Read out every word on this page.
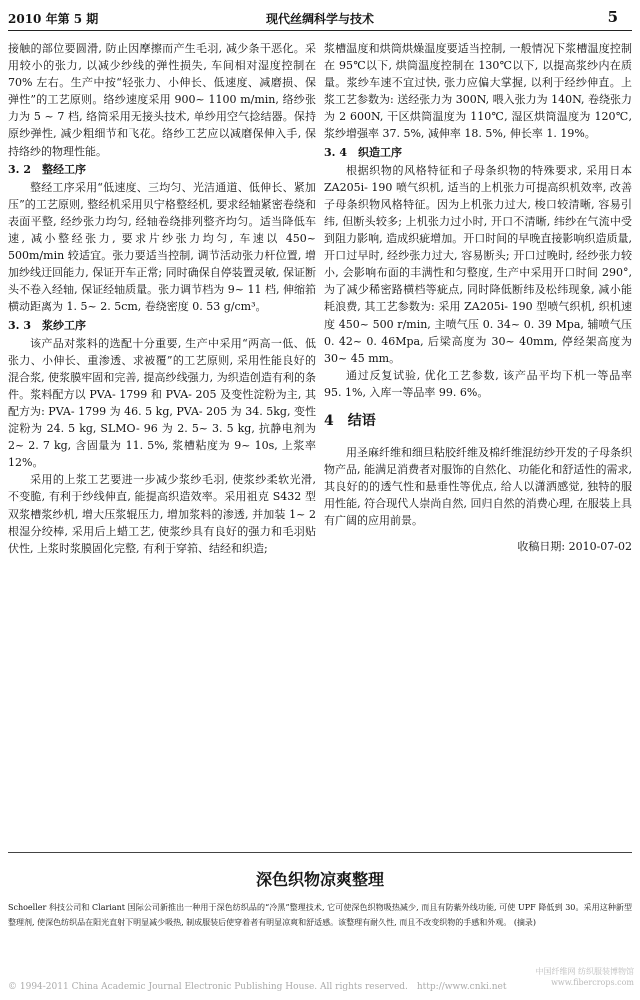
2010 年第 5 期	现代丝绸科学与技术	5

接触的部位要圆滑, 防止因摩擦而产生毛羽, 减少条干恶化。采用较小的张力, 以减少纱线的弹性损失, 车间相对湿度控制在 70% 左右。生产中按“轻张力、小伸长、低速度、减磨损、保弹性”的工艺原则。络纱速度采用 900~ 1100 m/min, 络纱张力为 5 ~ 7 档, 络筒采用无接头技术, 单纱用空气捻结器。保持原纱弹性, 减少粗细节和飞花。络纱工艺应以减磨保伸入手, 保持络纱的物理性能。

3. 2　整经工序

整经工序采用“低速度、三均匀、光洁通道、低伸长、紧加压”的工艺原则, 整经机采用贝宁格整经机, 要求经轴紧密卷绕和表面平整, 经纱张力均匀, 经轴卷绕排列整齐均匀。适当降低车速, 减小整经张力, 要求片纱张力均匀, 车速以 450~ 500m/min 较适宜。张力要适当控制, 调节活动张力杆位置, 增加纱线迂回能力, 保证开车正常; 同时确保自停装置灵敏, 保证断头不卷入经轴, 保证经轴质量。张力调节档为 9~ 11 档, 伸缩筘横动距离为 1. 5~ 2. 5cm, 卷绕密度 0. 53 g/cm³。

3. 3　浆纱工序

该产品对浆料的选配十分重要, 生产中采用“两高一低、低张力、小伸长、重渗透、求被覆”的工艺原则, 采用性能良好的混合浆, 使浆膜牢固和完善, 提高纱线强力, 为织造创造有利的条件。浆料配方以 PVA- 1799 和 PVA- 205 及变性淀粉为主, 其配方为: PVA- 1799 为 46. 5 kg, PVA- 205 为 34. 5kg, 变性淀粉为 24. 5 kg, SLMO- 96 为 2. 5~ 3. 5 kg, 抗静电剂为 2~ 2. 7 kg, 含固量为 11. 5%, 浆槽粘度为 9~ 10s, 上浆率 12%。

采用的上浆工艺要进一步减少浆纱毛羽, 使浆纱柔软光滑, 不变脆, 有利于纱线伸直, 能提高织造效率。采用祖克 S432 型双浆槽浆纱机, 增大压浆辊压力, 增加浆料的渗透, 并加装 1~ 2 根湿分绞棒, 采用后上蜡工艺, 使浆纱具有良好的强力和毛羽贴伏性, 上浆时浆膜固化完整, 有利于穿筘、结经和织造;

浆槽温度和烘筒烘燥温度要适当控制, 一般情况下浆槽温度控制在 95℃以下, 烘筒温度控制在 130℃以下, 以提高浆纱内在质量。浆纱车速不宜过快, 张力应偏大掌握, 以利于经纱伸直。上浆工艺参数为: 送经张力为 300N, 喂入张力为 140N, 卷绕张力为 2 600N, 干区烘筒温度为 110℃, 湿区烘筒温度为 120℃, 浆纱增强率 37. 5%, 减伸率 18. 5%, 伸长率 1. 19%。

3. 4　织造工序

根据织物的风格特征和子母条织物的特殊要求, 采用日本 ZA205i- 190 喷气织机, 适当的上机张力可提高织机效率, 改善子母条织物风格特征。因为上机张力过大, 梭口较清晰, 容易引纬, 但断头较多; 上机张力过小时, 开口不清晰, 纬纱在气流中受到阻力影响, 造成织疵增加。开口时间的早晚直接影响织造质量, 开口过早时, 经纱张力过大, 容易断头; 开口过晚时, 经纱张力较小, 会影响布面的丰满性和匀整度, 生产中采用开口时间 290°, 为了减少稀密路横档等疵点, 同时降低断纬及松纬现象, 减小能耗浪费, 其工艺参数为: 采用 ZA205i- 190 型喷气织机, 织机速度 450~ 500 r/min, 主喷气压 0. 34~ 0. 39 Mpa, 辅喷气压 0. 42~ 0. 46Mpa, 后梁高度为 30~ 40mm, 停经架高度为 30~ 45 mm。

通过反复试验, 优化工艺参数, 该产品平均下机一等品率 95. 1%, 入库一等品率 99. 6%。

4　结语

用圣麻纤维和细旦粘胶纤维及棉纤维混纺纱开发的子母条织物产品, 能满足消费者对服饰的自然化、功能化和舒适性的需求, 其良好的的透气性和悬垂性等优点, 给人以潇洒感觉, 独特的服用性能, 符合现代人崇尚自然, 回归自然的消费心理, 在服装上具有广阔的应用前景。

收稿日期: 2010-07-02
深色织物凉爽整理
Schoeller 科技公司和 Clariant 国际公司新推出一种用于深色纺织品的“冷黑”整理技术, 它可使深色织物吸热减少, 而且有防紫外线功能, 可使 UPF 降低到 30。采用这种新型整理剂, 使深色纺织品在阳光直射下明显减少吸热, 制成服装后使穿着者有明显凉爽和舒适感。该整理有耐久性, 而且不改变织物的手感和外观。 (摘录)
© 1994-2011 China Academic Journal Electronic Publishing House. All rights reserved.　http://www.cnki.net
中国纤维网 纺织服装博物馆
www.fibercrops.com
